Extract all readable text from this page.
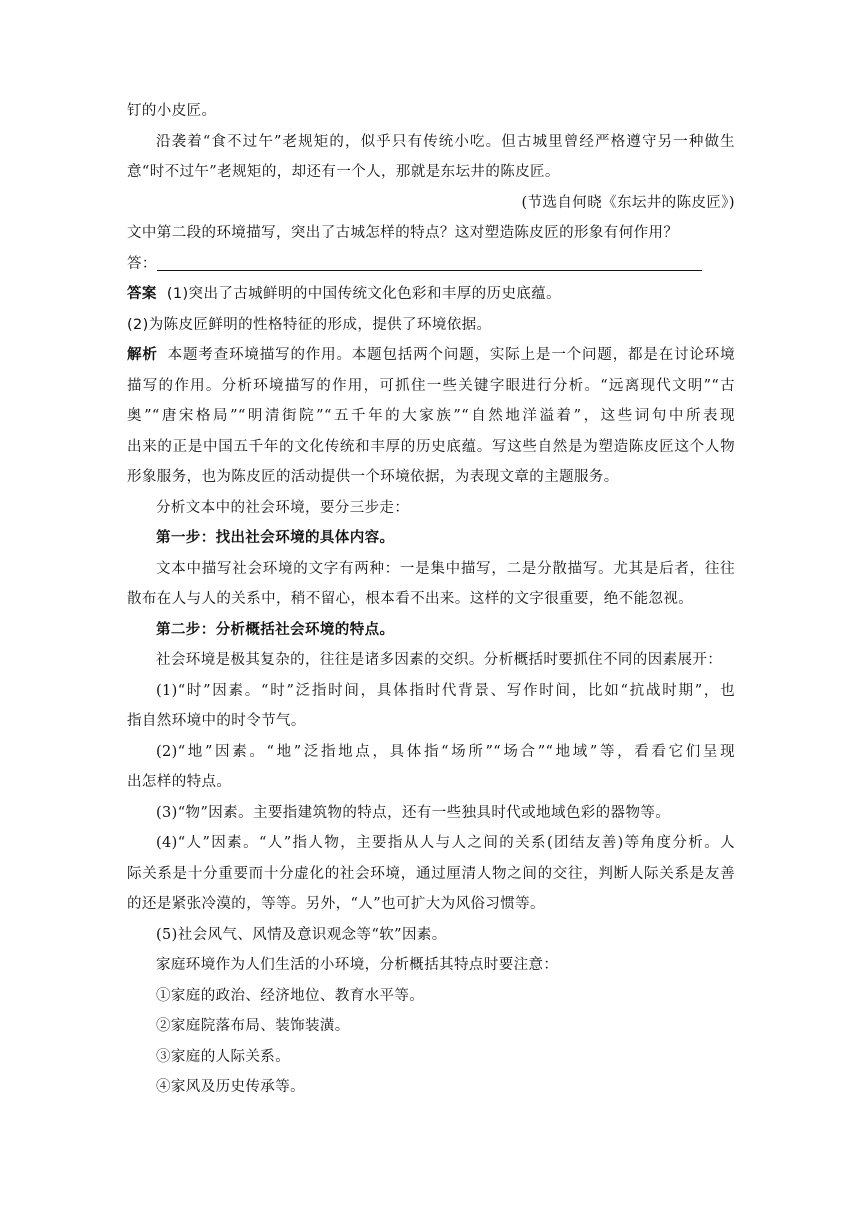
钉的小皮匠。
沿袭着“食不过午”老规矩的，似乎只有传统小吃。但古城里曾经严格遵守另一种做生
意“时不过午”老规矩的，却还有一个人，那就是东坛井的陈皮匠。
(节选自何晓《东坛井的陈皮匠》)
文中第二段的环境描写，突出了古城怎样的特点？这对塑造陈皮匠的形象有何作用？
答：
答案 (1)突出了古城鲜明的中国传统文化色彩和丰厚的历史底蕴。
(2)为陈皮匠鲜明的性格特征的形成，提供了环境依据。
解析 本题考查环境描写的作用。本题包括两个问题，实际上是一个问题，都是在讨论环境
描写的作用。分析环境描写的作用，可抓住一些关键字眼进行分析。“远离现代文明”“古
奥”“唐宋格局”“明清街院”“五千年的大家族”“自然地洋溢着”，这些词句中所表现
出来的正是中国五千年的文化传统和丰厚的历史底蕴。写这些自然是为塑造陈皮匠这个人物
形象服务，也为陈皮匠的活动提供一个环境依据，为表现文章的主题服务。
分析文本中的社会环境，要分三步走：
第一步：找出社会环境的具体内容。
文本中描写社会环境的文字有两种：一是集中描写，二是分散描写。尤其是后者，往往
散布在人与人的关系中，稍不留心，根本看不出来。这样的文字很重要，绝不能忽视。
第二步：分析概括社会环境的特点。
社会环境是极其复杂的，往往是诸多因素的交织。分析概括时要抓住不同的因素展开：
(1)“时”因素。“时”泛指时间，具体指时代背景、写作时间，比如“抗战时期”，也
指自然环境中的时令节气。
(2)“地”因素。“地”泛指地点，具体指“场所”“场合”“地域”等，看看它们呈现
出怎样的特点。
(3)“物”因素。主要指建筑物的特点，还有一些独具时代或地域色彩的器物等。
(4)“人”因素。“人”指人物，主要指从人与人之间的关系(团结友善)等角度分析。人
际关系是十分重要而十分虚化的社会环境，通过厘清人物之间的交往，判断人际关系是友善
的还是紧张冷漠的，等等。另外，“人”也可扩大为风俗习惯等。
(5)社会风气、风情及意识观念等“软”因素。
家庭环境作为人们生活的小环境，分析概括其特点时要注意：
①家庭的政治、经济地位、教育水平等。
②家庭院落布局、装饰装潢。
③家庭的人际关系。
④家风及历史传承等。
